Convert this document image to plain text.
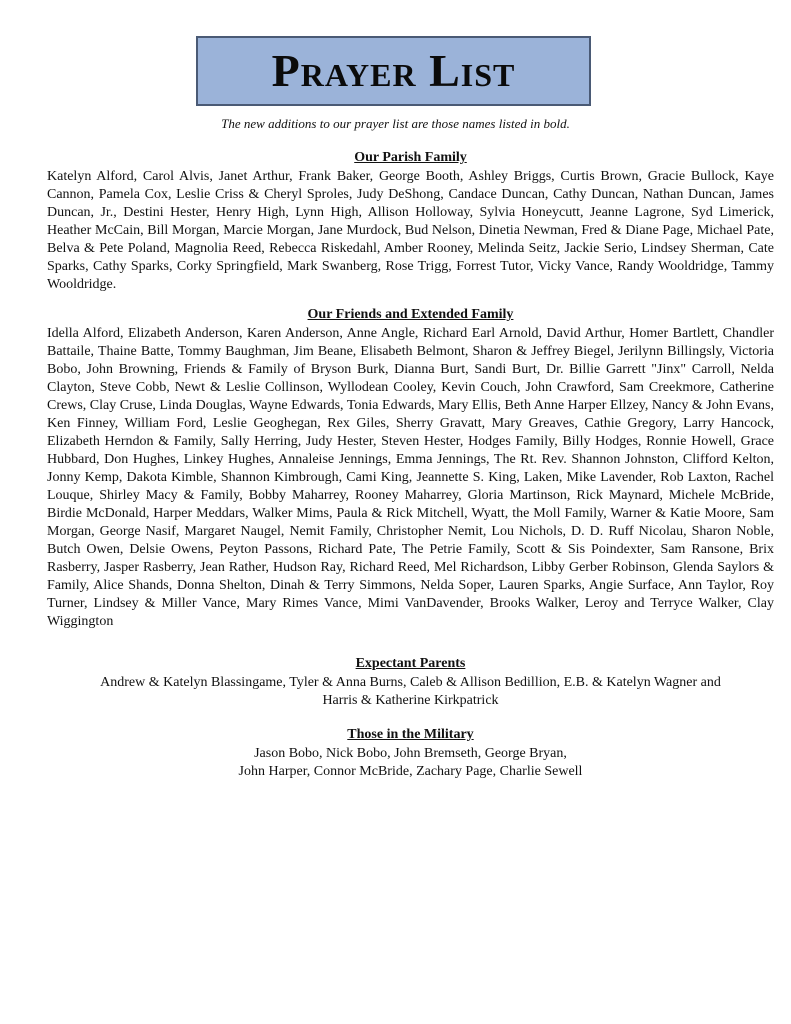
Prayer List
The new additions to our prayer list are those names listed in bold.
Our Parish Family

Katelyn Alford, Carol Alvis, Janet Arthur, Frank Baker, George Booth, Ashley Briggs, Curtis Brown, Gracie Bullock, Kaye Cannon, Pamela Cox, Leslie Criss & Cheryl Sproles, Judy DeShong, Candace Duncan, Cathy Duncan, Nathan Duncan, James Duncan, Jr., Destini Hester, Henry High, Lynn High, Allison Holloway, Sylvia Honeycutt, Jeanne Lagrone, Syd Limerick, Heather McCain, Bill Morgan, Marcie Morgan, Jane Murdock, Bud Nelson, Dinetia Newman, Fred & Diane Page, Michael Pate, Belva & Pete Poland, Magnolia Reed, Rebecca Riskedahl, Amber Rooney, Melinda Seitz, Jackie Serio, Lindsey Sherman, Cate Sparks, Cathy Sparks, Corky Springfield, Mark Swanberg, Rose Trigg, Forrest Tutor, Vicky Vance, Randy Wooldridge, Tammy Wooldridge.

Our Friends and Extended Family

Idella Alford, Elizabeth Anderson, Karen Anderson, Anne Angle, Richard Earl Arnold, David Arthur, Homer Bartlett, Chandler Battaile, Thaine Batte, Tommy Baughman, Jim Beane, Elisabeth Belmont, Sharon & Jeffrey Biegel, Jerilynn Billingsly, Victoria Bobo, John Browning, Friends & Family of Bryson Burk, Dianna Burt, Sandi Burt, Dr. Billie Garrett "Jinx" Carroll, Nelda Clayton, Steve Cobb, Newt & Leslie Collinson, Wyllodean Cooley, Kevin Couch, John Crawford, Sam Creekmore, Catherine Crews, Clay Cruse, Linda Douglas, Wayne Edwards, Tonia Edwards, Mary Ellis, Beth Anne Harper Ellzey, Nancy & John Evans, Ken Finney, William Ford, Leslie Geoghegan, Rex Giles, Sherry Gravatt, Mary Greaves, Cathie Gregory, Larry Hancock, Elizabeth Herndon & Family, Sally Herring, Judy Hester, Steven Hester, Hodges Family, Billy Hodges, Ronnie Howell, Grace Hubbard, Don Hughes, Linkey Hughes, Annaleise Jennings, Emma Jennings, The Rt. Rev. Shannon Johnston, Clifford Kelton, Jonny Kemp, Dakota Kimble, Shannon Kimbrough, Cami King, Jeannette S. King, Laken, Mike Lavender, Rob Laxton, Rachel Louque, Shirley Macy & Family, Bobby Maharrey, Rooney Maharrey, Gloria Martinson, Rick Maynard, Michele McBride, Birdie McDonald, Harper Meddars, Walker Mims, Paula & Rick Mitchell, Wyatt, the Moll Family, Warner & Katie Moore, Sam Morgan, George Nasif, Margaret Naugel, Nemit Family, Christopher Nemit, Lou Nichols, D. D. Ruff Nicolau, Sharon Noble, Butch Owen, Delsie Owens, Peyton Passons, Richard Pate, The Petrie Family, Scott & Sis Poindexter, Sam Ransone, Brix Rasberry, Jasper Rasberry, Jean Rather, Hudson Ray, Richard Reed, Mel Richardson, Libby Gerber Robinson, Glenda Saylors & Family, Alice Shands, Donna Shelton, Dinah & Terry Simmons, Nelda Soper, Lauren Sparks, Angie Surface, Ann Taylor, Roy Turner, Lindsey & Miller Vance, Mary Rimes Vance, Mimi VanDavender, Brooks Walker, Leroy and Terryce Walker, Clay Wiggington

Expectant Parents

Andrew & Katelyn Blassingame, Tyler & Anna Burns, Caleb & Allison Bedillion, E.B. & Katelyn Wagner and Harris & Katherine Kirkpatrick

Those in the Military

Jason Bobo, Nick Bobo, John Bremseth, George Bryan,

John Harper, Connor McBride, Zachary Page, Charlie Sewell
